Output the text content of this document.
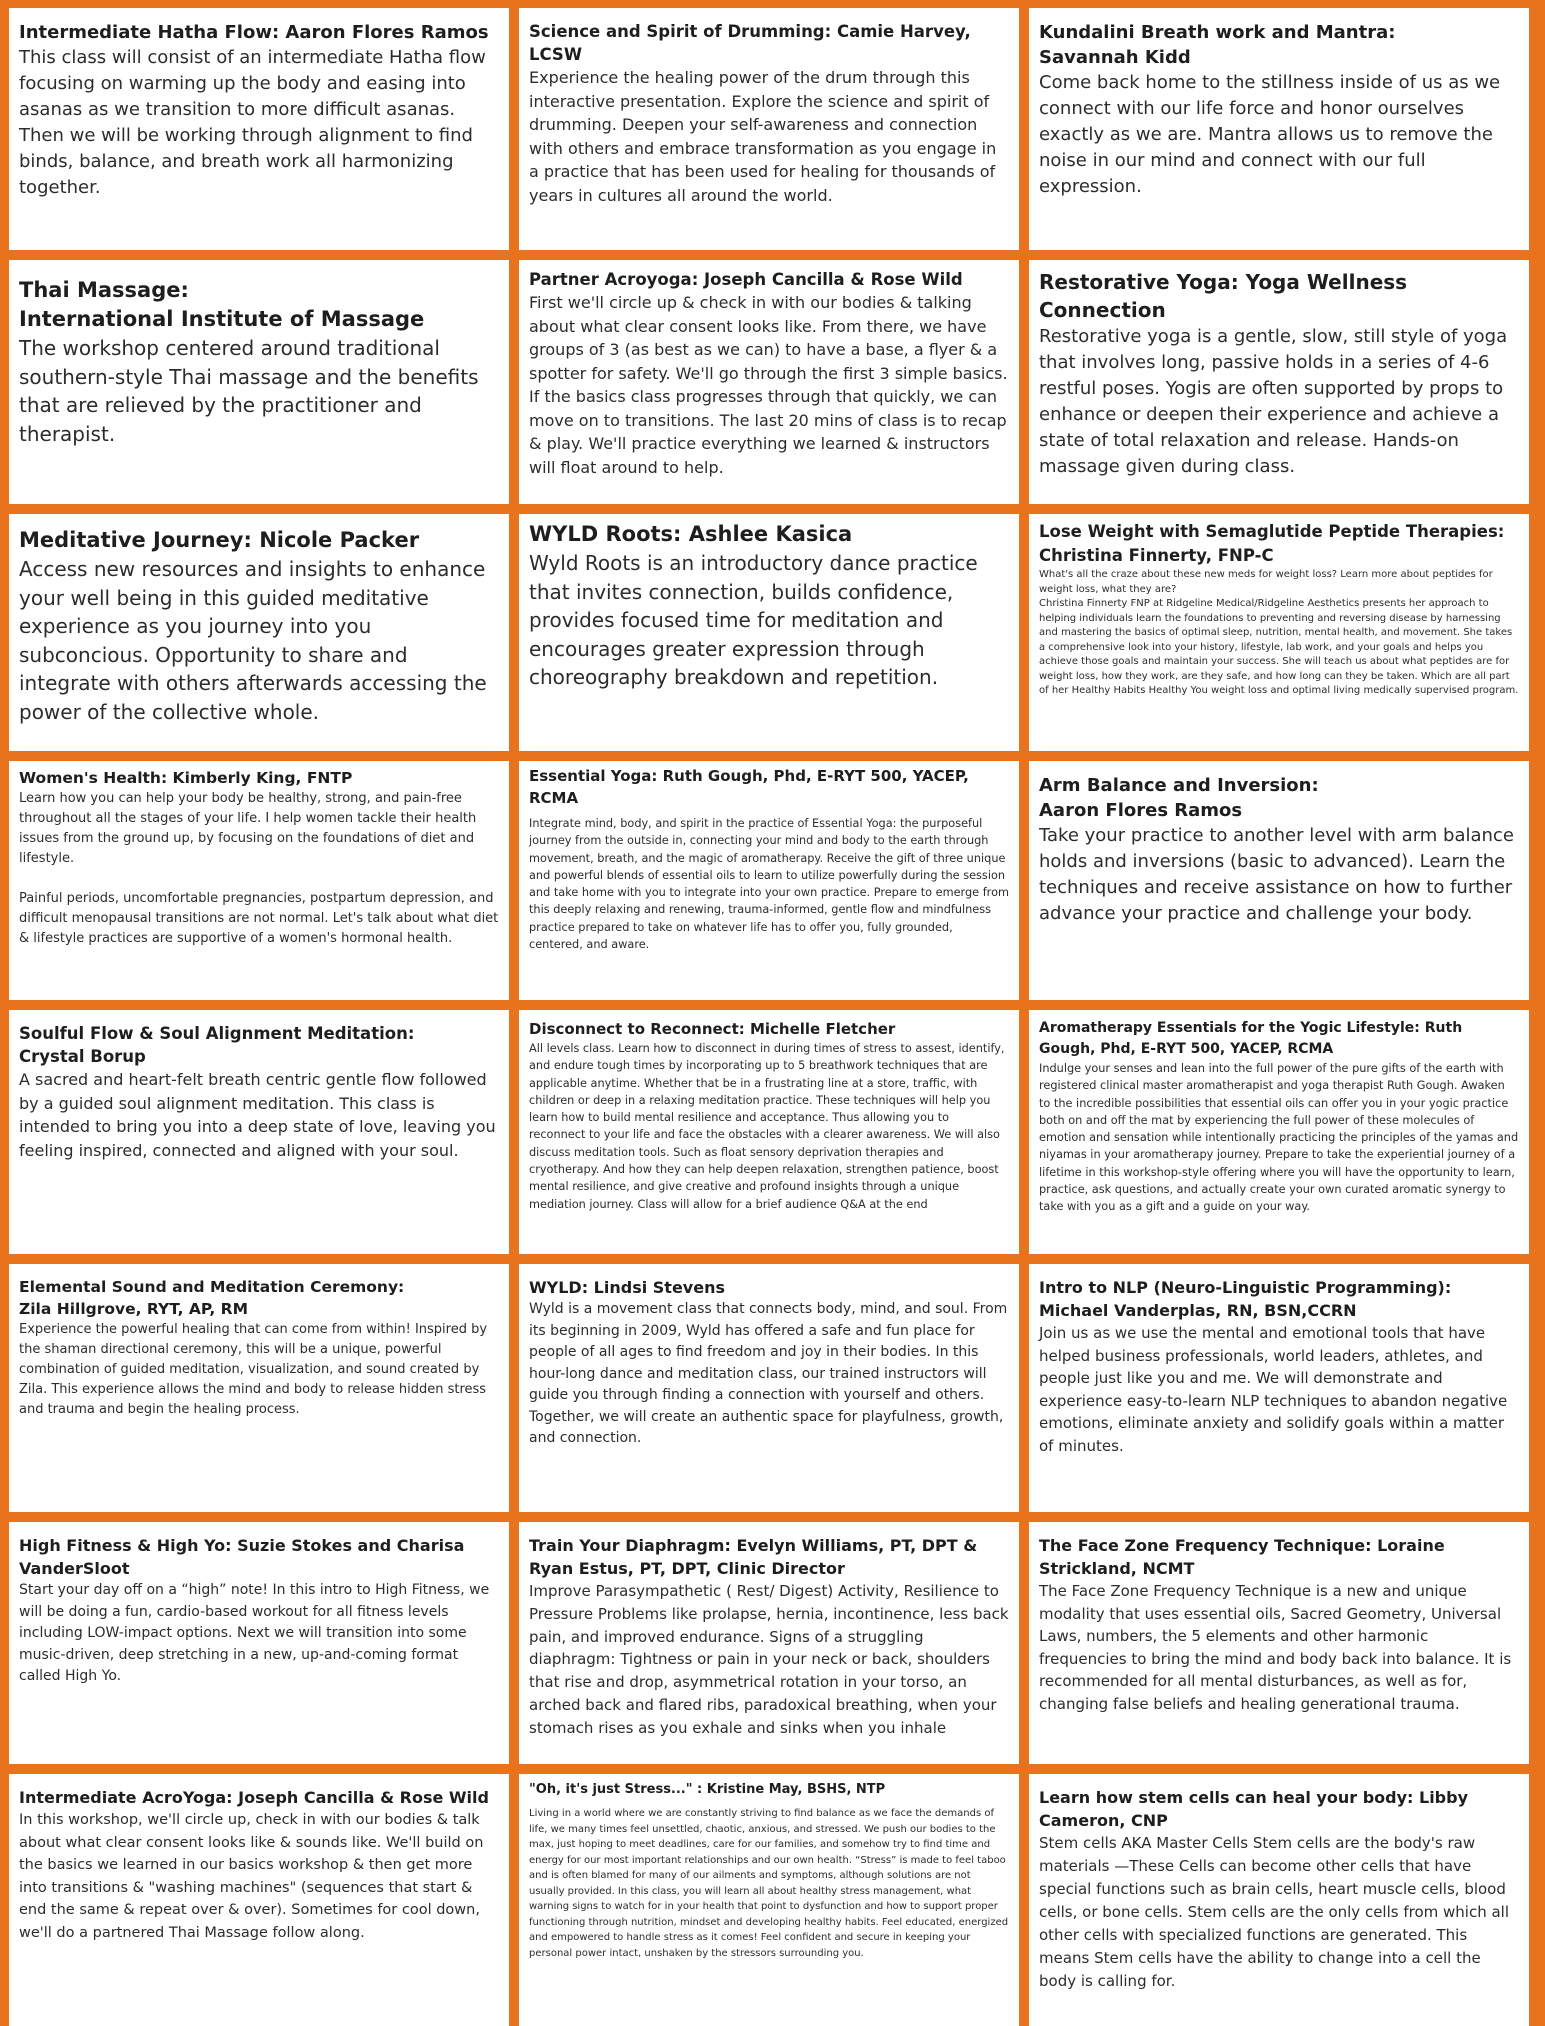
Intermediate Hatha Flow: Aaron Flores Ramos

This class will consist of an intermediate Hatha flow focusing on warming up the body and easing into asanas as we transition to more difficult asanas. Then we will be working through alignment to find binds, balance, and breath work all harmonizing together.

Science and Spirit of Drumming: Camie Harvey, LCSW

Experience the healing power of the drum through this interactive presentation. Explore the science and spirit of drumming. Deepen your self-awareness and connection with others and embrace transformation as you engage in a practice that has been used for healing for thousands of years in cultures all around the world.

Kundalini Breath work and Mantra:
Savannah Kidd

Come back home to the stillness inside of us as we connect with our life force and honor ourselves exactly as we are. Mantra allows us to remove the noise in our mind and connect with our full expression.

Thai Massage:
International Institute of Massage

The workshop centered around traditional southern-style Thai massage and the benefits that are relieved by the practitioner and therapist.

Partner Acroyoga: Joseph Cancilla & Rose Wild

First we'll circle up & check in with our bodies & talking about what clear consent looks like. From there, we have groups of 3 (as best as we can) to have a base, a flyer & a spotter for safety. We'll go through the first 3 simple basics. If the basics class progresses through that quickly, we can move on to transitions. The last 20 mins of class is to recap & play. We'll practice everything we learned & instructors will float around to help.

Restorative Yoga: Yoga Wellness Connection

Restorative yoga is a gentle, slow, still style of yoga that involves long, passive holds in a series of 4-6 restful poses. Yogis are often supported by props to enhance or deepen their experience and achieve a state of total relaxation and release. Hands-on massage given during class.

Meditative Journey: Nicole Packer

Access new resources and insights to enhance your well being in this guided meditative experience as you journey into you subconcious. Opportunity to share and integrate with others afterwards accessing the power of the collective whole.

WYLD Roots: Ashlee Kasica

Wyld Roots is an introductory dance practice that invites connection, builds confidence, provides focused time for meditation and encourages greater expression through choreography breakdown and repetition.

Lose Weight with Semaglutide Peptide Therapies: Christina Finnerty, FNP-C

What's all the craze about these new meds for weight loss? Learn more about peptides for weight loss, what they are?
Christina Finnerty FNP at Ridgeline Medical/Ridgeline Aesthetics presents her approach to helping individuals learn the foundations to preventing and reversing disease by harnessing and mastering the basics of optimal sleep, nutrition, mental health, and movement. She takes a comprehensive look into your history, lifestyle, lab work, and your goals and helps you achieve those goals and maintain your success. She will teach us about what peptides are for weight loss, how they work, are they safe, and how long can they be taken. Which are all part of her Healthy Habits Healthy You weight loss and optimal living medically supervised program.

Women's Health: Kimberly King, FNTP

Learn how you can help your body be healthy, strong, and pain-free throughout all the stages of your life. I help women tackle their health issues from the ground up, by focusing on the foundations of diet and lifestyle.

Painful periods, uncomfortable pregnancies, postpartum depression, and difficult menopausal transitions are not normal. Let's talk about what diet & lifestyle practices are supportive of a women's hormonal health.

Essential Yoga: Ruth Gough, Phd, E-RYT 500, YACEP, RCMA

Integrate mind, body, and spirit in the practice of Essential Yoga: the purposeful journey from the outside in, connecting your mind and body to the earth through movement, breath, and the magic of aromatherapy. Receive the gift of three unique and powerful blends of essential oils to learn to utilize powerfully during the session and take home with you to integrate into your own practice. Prepare to emerge from this deeply relaxing and renewing, trauma-informed, gentle flow and mindfulness practice prepared to take on whatever life has to offer you, fully grounded, centered, and aware.

Arm Balance and Inversion:
Aaron Flores Ramos

Take your practice to another level with arm balance holds and inversions (basic to advanced). Learn the techniques and receive assistance on how to further advance your practice and challenge your body.

Soulful Flow & Soul Alignment Meditation:
Crystal Borup

A sacred and heart-felt breath centric gentle flow followed by a guided soul alignment meditation. This class is intended to bring you into a deep state of love, leaving you feeling inspired, connected and aligned with your soul.

Disconnect to Reconnect: Michelle Fletcher

All levels class. Learn how to disconnect in during times of stress to assest, identify, and endure tough times by incorporating up to 5 breathwork techniques that are applicable anytime. Whether that be in a frustrating line at a store, traffic, with children or deep in a relaxing meditation practice. These techniques will help you learn how to build mental resilience and acceptance. Thus allowing you to reconnect to your life and face the obstacles with a clearer awareness. We will also discuss meditation tools. Such as float sensory deprivation therapies and cryotherapy. And how they can help deepen relaxation, strengthen patience, boost mental resilience, and give creative and profound insights through a unique mediation journey. Class will allow for a brief audience Q&A at the end

Aromatherapy Essentials for the Yogic Lifestyle: Ruth Gough, Phd, E-RYT 500, YACEP, RCMA

Indulge your senses and lean into the full power of the pure gifts of the earth with registered clinical master aromatherapist and yoga therapist Ruth Gough. Awaken to the incredible possibilities that essential oils can offer you in your yogic practice both on and off the mat by experiencing the full power of these molecules of emotion and sensation while intentionally practicing the principles of the yamas and niyamas in your aromatherapy journey. Prepare to take the experiential journey of a lifetime in this workshop-style offering where you will have the opportunity to learn, practice, ask questions, and actually create your own curated aromatic synergy to take with you as a gift and a guide on your way.

Elemental Sound and Meditation Ceremony:
Zila Hillgrove, RYT, AP, RM

Experience the powerful healing that can come from within! Inspired by the shaman directional ceremony, this will be a unique, powerful combination of guided meditation, visualization, and sound created by Zila. This experience allows the mind and body to release hidden stress and trauma and begin the healing process.

WYLD: Lindsi Stevens

Wyld is a movement class that connects body, mind, and soul. From its beginning in 2009, Wyld has offered a safe and fun place for people of all ages to find freedom and joy in their bodies. In this hour-long dance and meditation class, our trained instructors will guide you through finding a connection with yourself and others. Together, we will create an authentic space for playfulness, growth, and connection.

Intro to NLP (Neuro-Linguistic Programming):
Michael Vanderplas, RN, BSN,CCRN

Join us as we use the mental and emotional tools that have helped business professionals, world leaders, athletes, and people just like you and me. We will demonstrate and experience easy-to-learn NLP techniques to abandon negative emotions, eliminate anxiety and solidify goals within a matter of minutes.

High Fitness & High Yo: Suzie Stokes and Charisa VanderSloot

Start your day off on a “high” note! In this intro to High Fitness, we will be doing a fun, cardio-based workout for all fitness levels including LOW-impact options. Next we will transition into some music-driven, deep stretching in a new, up-and-coming format called High Yo.

Train Your Diaphragm: Evelyn Williams, PT, DPT & Ryan Estus, PT, DPT, Clinic Director

Improve Parasympathetic ( Rest/ Digest) Activity, Resilience to Pressure Problems like prolapse, hernia, incontinence, less back pain, and improved endurance. Signs of a struggling diaphragm: Tightness or pain in your neck or back, shoulders that rise and drop, asymmetrical rotation in your torso, an arched back and flared ribs, paradoxical breathing, when your stomach rises as you exhale and sinks when you inhale

The Face Zone Frequency Technique: Loraine Strickland, NCMT

The Face Zone Frequency Technique is a new and unique modality that uses essential oils, Sacred Geometry, Universal Laws, numbers, the 5 elements and other harmonic frequencies to bring the mind and body back into balance. It is recommended for all mental disturbances, as well as for, changing false beliefs and healing generational trauma.

Intermediate AcroYoga: Joseph Cancilla & Rose Wild

In this workshop, we'll circle up, check in with our bodies & talk about what clear consent looks like & sounds like. We'll build on the basics we learned in our basics workshop & then get more into transitions & "washing machines" (sequences that start & end the same & repeat over & over). Sometimes for cool down, we'll do a partnered Thai Massage follow along.

"Oh, it's just Stress..." : Kristine May, BSHS, NTP

Living in a world where we are constantly striving to find balance as we face the demands of life, we many times feel unsettled, chaotic, anxious, and stressed. We push our bodies to the max, just hoping to meet deadlines, care for our families, and somehow try to find time and energy for our most important relationships and our own health. “Stress” is made to feel taboo and is often blamed for many of our ailments and symptoms, although solutions are not usually provided. In this class, you will learn all about healthy stress management, what warning signs to watch for in your health that point to dysfunction and how to support proper functioning through nutrition, mindset and developing healthy habits. Feel educated, energized and empowered to handle stress as it comes! Feel confident and secure in keeping your personal power intact, unshaken by the stressors surrounding you.

Learn how stem cells can heal your body: Libby Cameron, CNP

Stem cells AKA Master Cells Stem cells are the body's raw materials —These Cells can become other cells that have special functions such as brain cells, heart muscle cells, blood cells, or bone cells. Stem cells are the only cells from which all other cells with specialized functions are generated. This means Stem cells have the ability to change into a cell the body is calling for.
